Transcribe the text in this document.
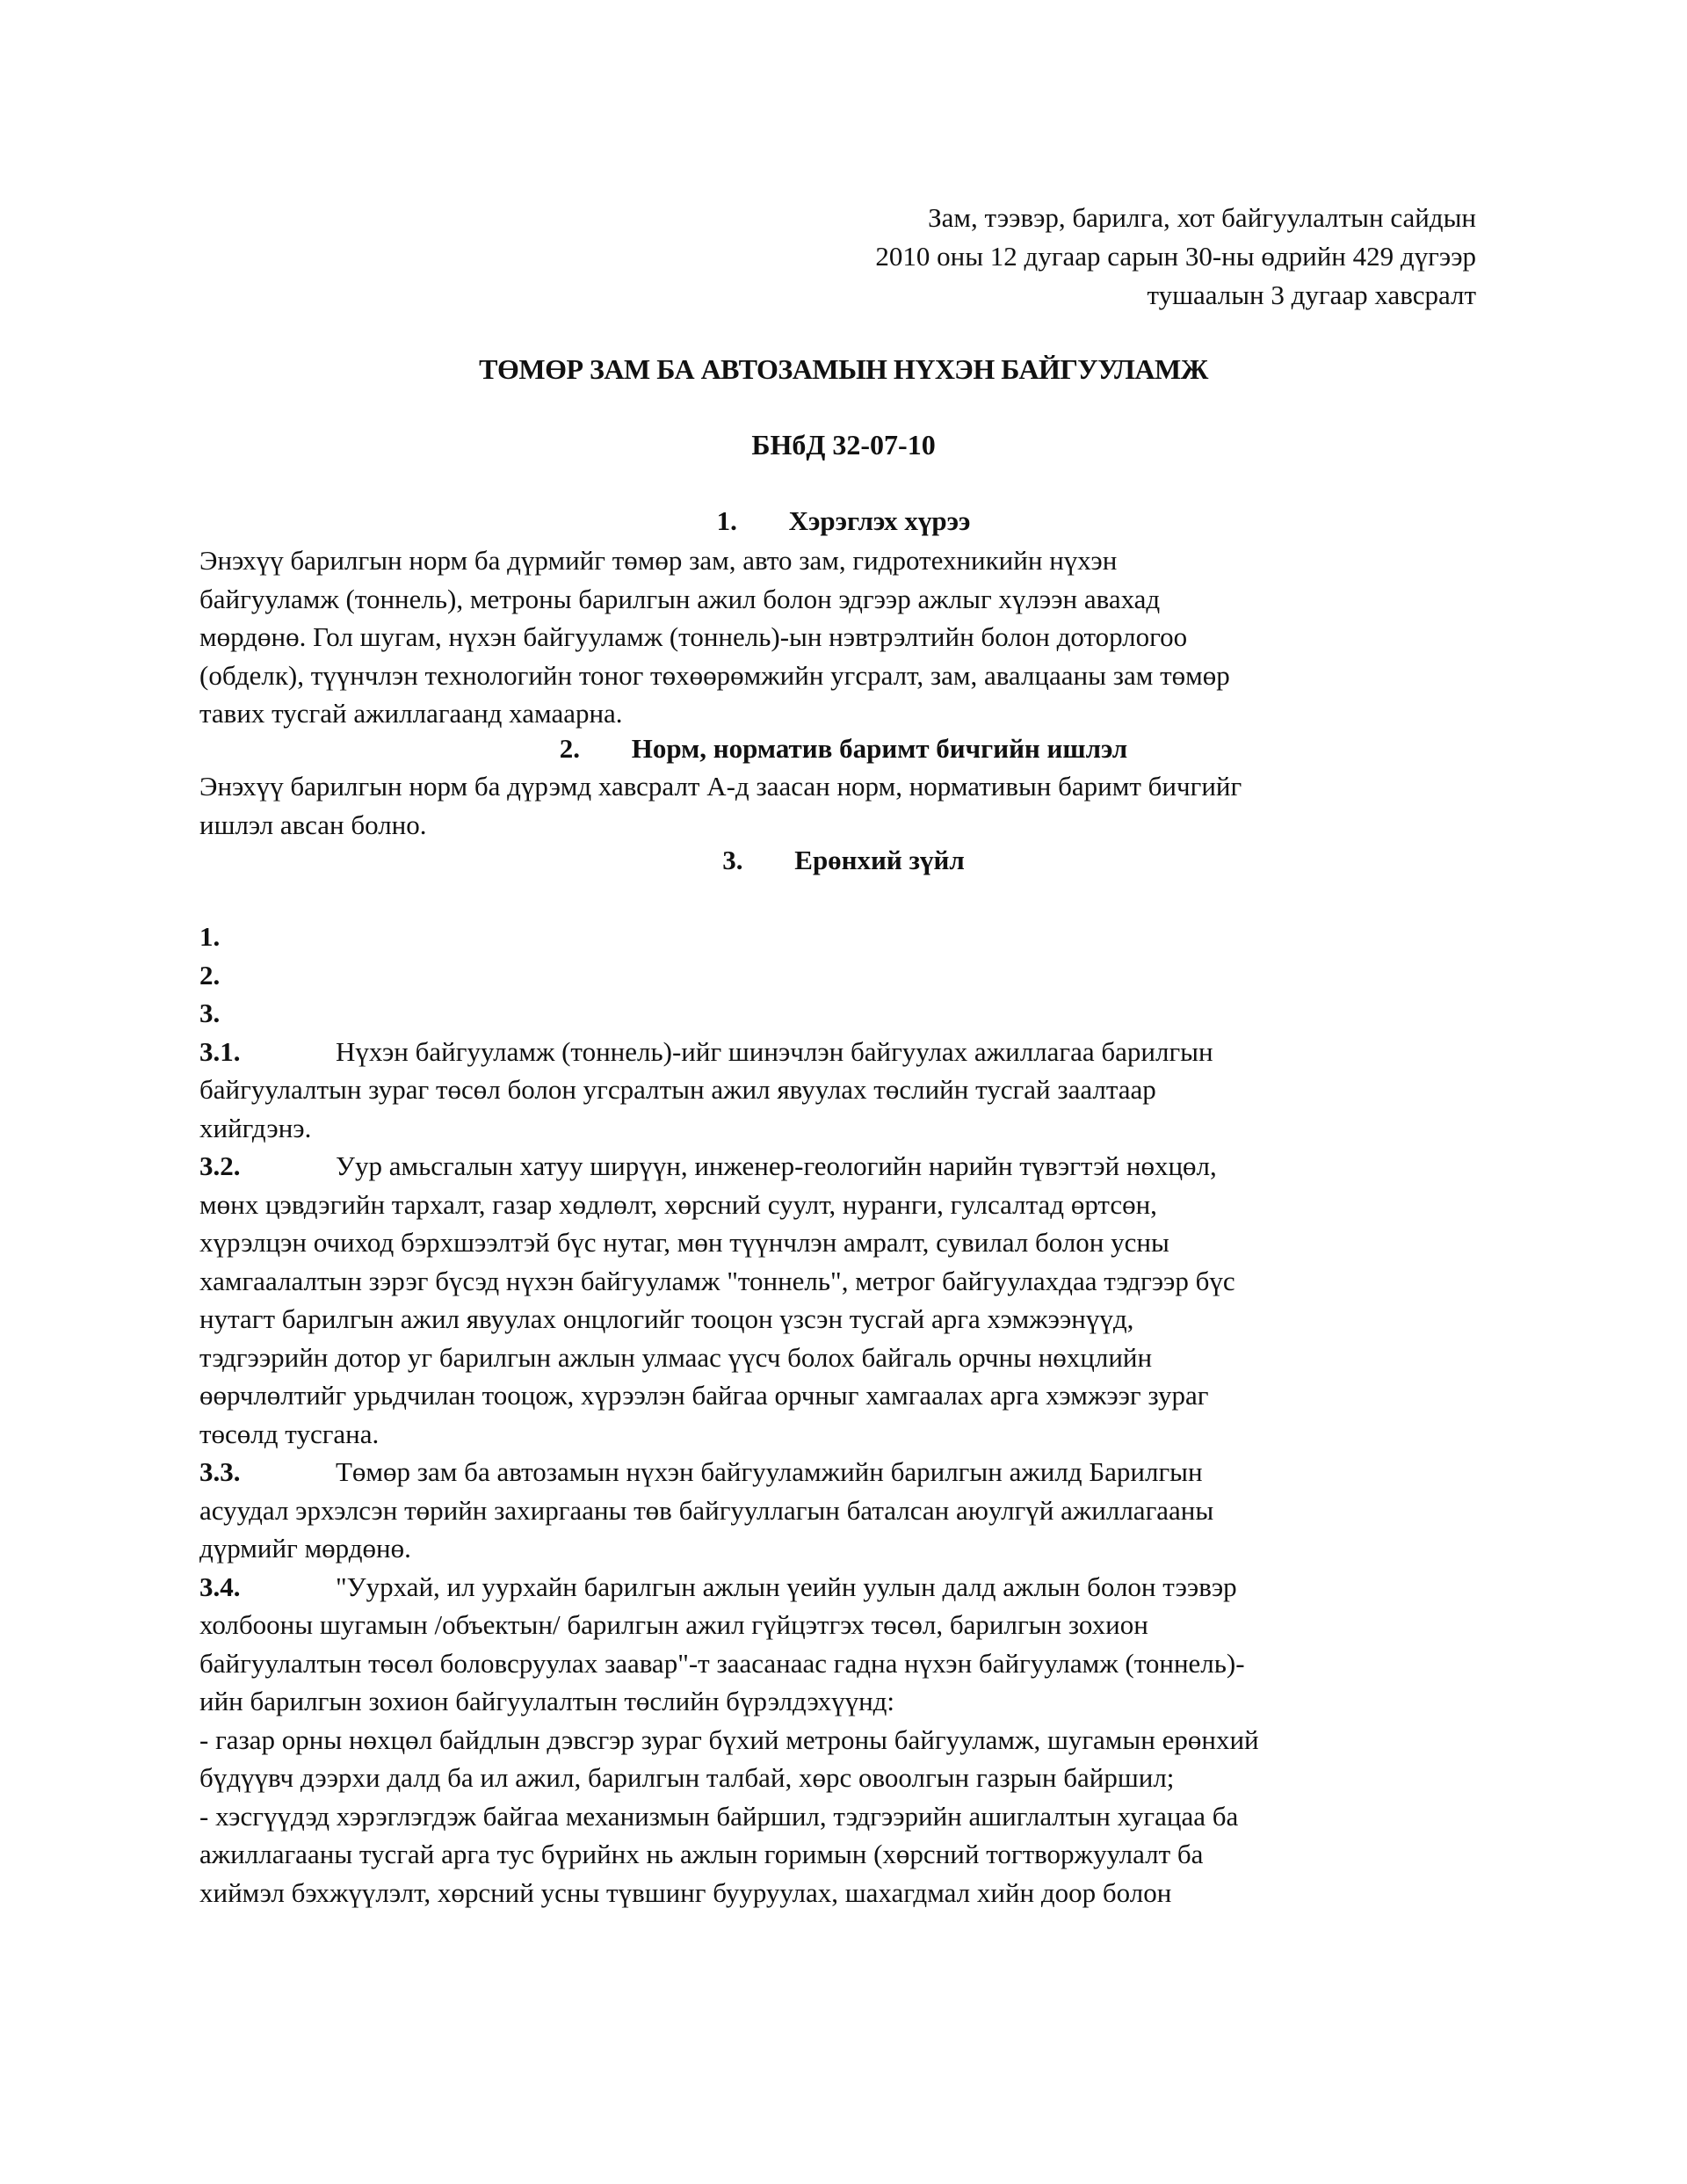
Зам, тээвэр, барилга, хот байгуулалтын сайдын
2010 оны 12 дугаар сарын 30-ны өдрийн 429 дүгээр
тушаалын 3 дугаар хавсралт
ТӨМӨР ЗАМ БА АВТОЗАМЫН НҮХЭН БАЙГУУЛАМЖ
БНбД 32-07-10
1. Хэрэглэх хүрээ
Энэхүү барилгын норм ба дүрмийг төмөр зам, авто зам, гидротехникийн нүхэн
байгууламж (тоннель), метроны барилгын ажил болон эдгээр ажлыг хүлээн авахад
мөрдөнө. Гол шугам, нүхэн байгууламж (тоннель)-ын нэвтрэлтийн болон доторлогоо
(обделк), түүнчлэн технологийн тоног төхөөрөмжийн угсралт, зам, авалцааны зам төмөр
тавих тусгай ажиллагаанд хамаарна.
2. Норм, норматив баримт бичгийн ишлэл
Энэхүү барилгын норм ба дүрэмд хавсралт А-д заасан норм, нормативын баримт бичгийг
ишлэл авсан болно.
3. Ерөнхий зүйл
1.
2.
3.
3.1.	Нүхэн байгууламж (тоннель)-ийг шинэчлэн байгуулах ажиллагаа барилгын
байгуулалтын зураг төсөл болон угсралтын ажил явуулах төслийн тусгай заалтаар
хийгдэнэ.
3.2.	Уур амьсгалын хатуу ширүүн, инженер-геологийн нарийн түвэгтэй нөхцөл,
мөнх цэвдэгийн тархалт, газар хөдлөлт, хөрсний суулт, нуранги, гулсалтад өртсөн,
хүрэлцэн очиход бэрхшээлтэй бүс нутаг, мөн түүнчлэн амралт, сувилал болон усны
хамгаалалтын зэрэг бүсэд нүхэн байгууламж "тоннель", метрог байгуулахдаа тэдгээр бүс
нутагт барилгын ажил явуулах онцлогийг тооцон үзсэн тусгай арга хэмжээнүүд,
тэдгээрийн дотор уг барилгын ажлын улмаас үүсч болох байгаль орчны нөхцлийн
өөрчлөлтийг урьдчилан тооцож, хүрээлэн байгаа орчныг хамгаалах арга хэмжээг зураг
төсөлд тусгана.
3.3.	Төмөр зам ба автозамын нүхэн байгууламжийн барилгын ажилд Барилгын
асуудал эрхэлсэн төрийн захиргааны төв байгууллагын баталсан аюулгүй ажиллагааны
дүрмийг мөрдөнө.
3.4.	"Уурхай, ил уурхайн барилгын ажлын үеийн уулын далд ажлын болон тээвэр
холбооны шугамын /объектын/ барилгын ажил гүйцэтгэх төсөл, барилгын зохион
байгуулалтын төсөл боловсруулах заавар"-т заасанаас гадна нүхэн байгууламж (тоннель)-
ийн барилгын зохион байгуулалтын төслийн бүрэлдэхүүнд:
- газар орны нөхцөл байдлын дэвсгэр зураг бүхий метроны байгууламж, шугамын ерөнхий
бүдүүвч дээрхи далд ба ил ажил, барилгын талбай, хөрс овоолгын газрын байршил;
- хэсгүүдэд хэрэглэгдэж байгаа механизмын байршил, тэдгээрийн ашиглалтын хугацаа ба
ажиллагааны тусгай арга тус бүрийнх нь ажлын горимын (хөрсний тогтворжуулалт ба
хиймэл бэхжүүлэлт, хөрсний усны түвшинг бууруулах, шахагдмал хийн доор болон
